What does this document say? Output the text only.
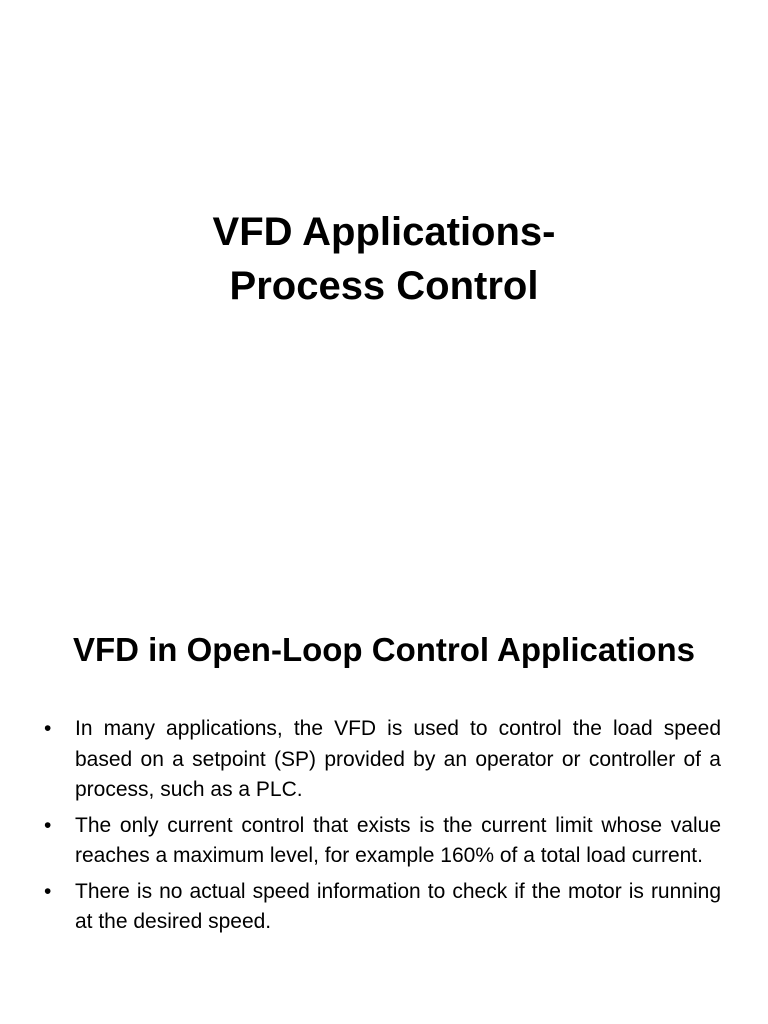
VFD Applications-
Process Control
VFD in Open-Loop Control Applications
• In many applications, the VFD is used to control the load speed based on a setpoint (SP) provided by an operator or controller of a process, such as a PLC.
• The only current control that exists is the current limit whose value reaches a maximum level, for example 160% of a total load current.
• There is no actual speed information to check if the motor is running at the desired speed.
